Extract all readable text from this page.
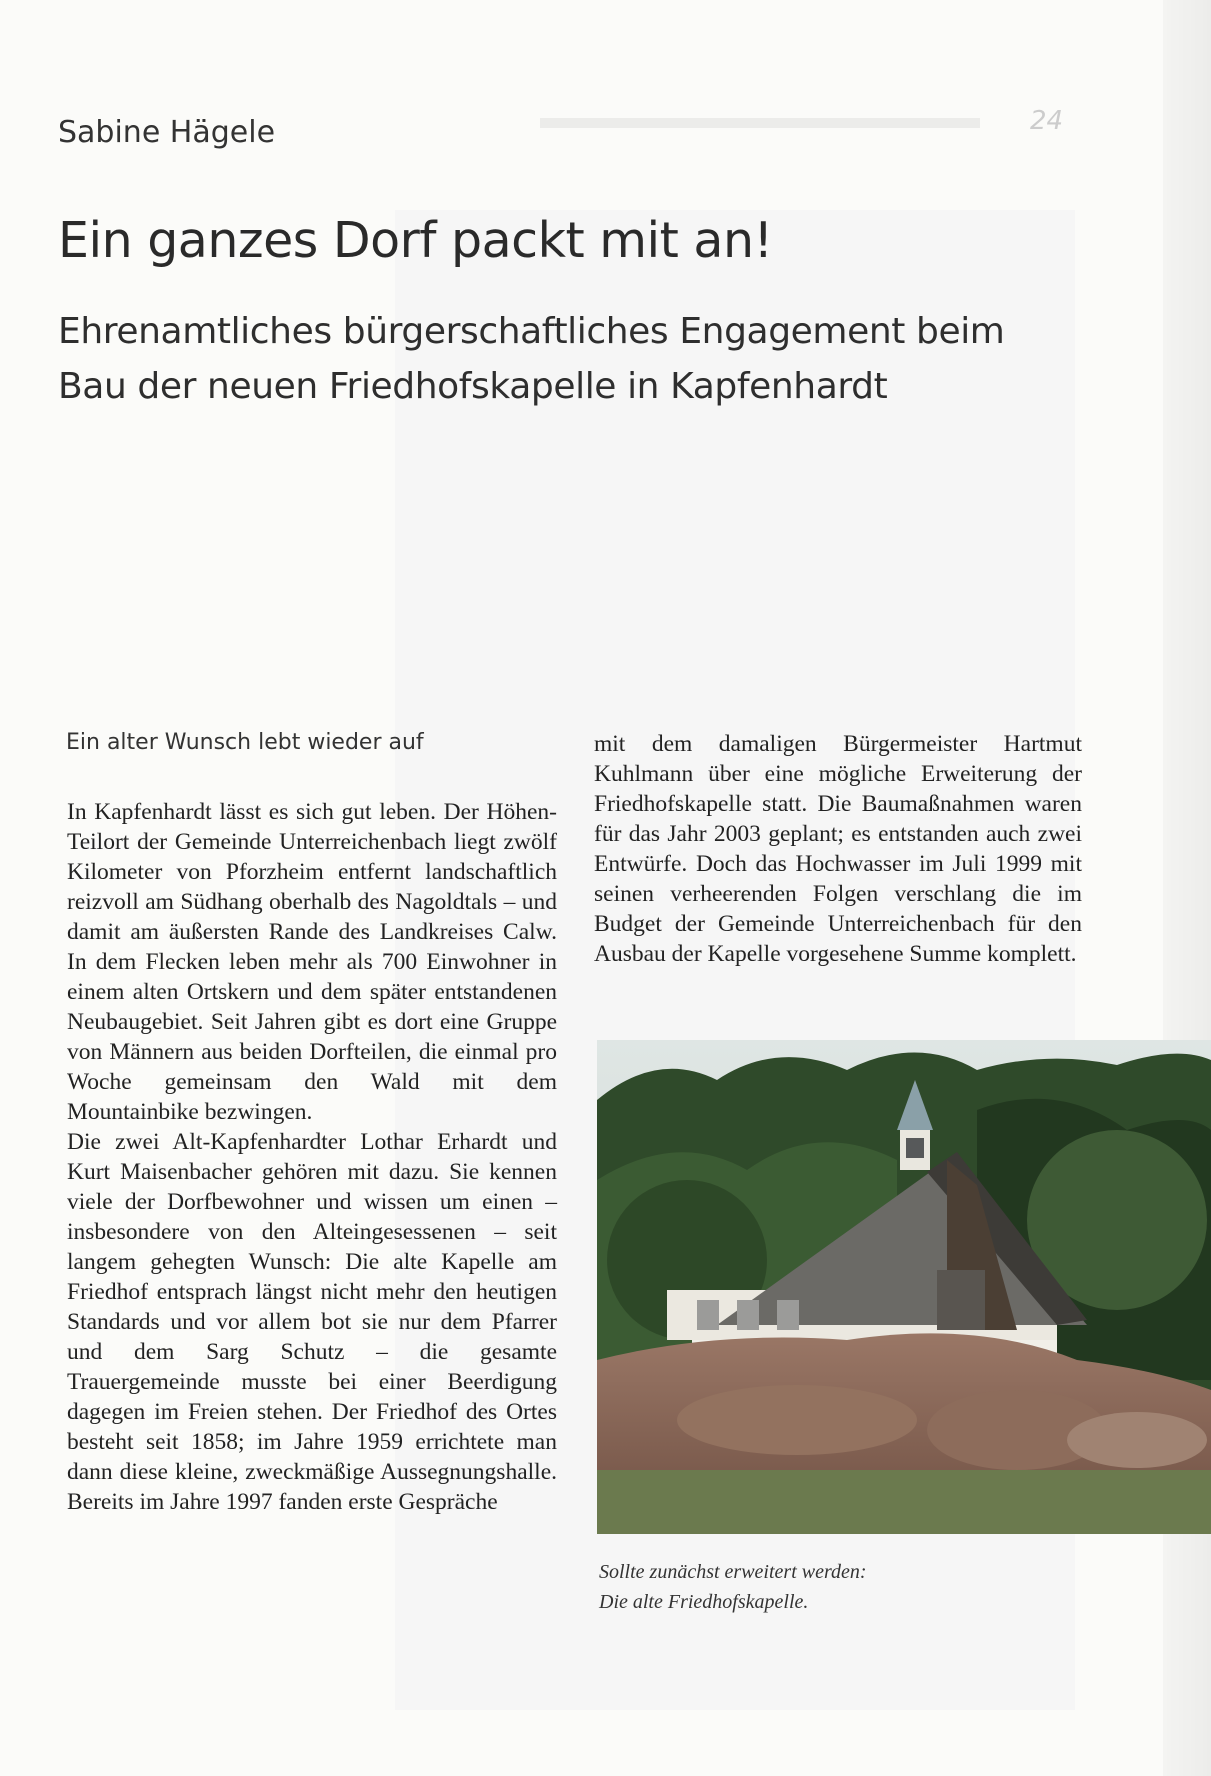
24
Sabine Hägele
Ein ganzes Dorf packt mit an!
Ehrenamtliches bürgerschaftliches Engagement beim Bau der neuen Friedhofskapelle in Kapfenhardt
Ein alter Wunsch lebt wieder auf

In Kapfenhardt lässt es sich gut leben. Der Höhen-Teilort der Gemeinde Unterreichenbach liegt zwölf Kilometer von Pforzheim entfernt landschaftlich reizvoll am Südhang oberhalb des Nagoldtals – und damit am äußersten Rande des Landkreises Calw. In dem Flecken leben mehr als 700 Einwohner in einem alten Ortskern und dem später entstandenen Neubaugebiet. Seit Jahren gibt es dort eine Gruppe von Männern aus beiden Dorfteilen, die einmal pro Woche gemeinsam den Wald mit dem Mountainbike bezwingen.

Die zwei Alt-Kapfenhardter Lothar Erhardt und Kurt Maisenbacher gehören mit dazu. Sie kennen viele der Dorfbewohner und wissen um einen – insbesondere von den Alteingesessenen – seit langem gehegten Wunsch: Die alte Kapelle am Friedhof entsprach längst nicht mehr den heutigen Standards und vor allem bot sie nur dem Pfarrer und dem Sarg Schutz – die gesamte Trauergemeinde musste bei einer Beerdigung dagegen im Freien stehen. Der Friedhof des Ortes besteht seit 1858; im Jahre 1959 errichtete man dann diese kleine, zweckmäßige Aussegnungshalle. Bereits im Jahre 1997 fanden erste Gespräche

mit dem damaligen Bürgermeister Hartmut Kuhlmann über eine mögliche Erweiterung der Friedhofskapelle statt. Die Baumaßnahmen waren für das Jahr 2003 geplant; es entstanden auch zwei Entwürfe. Doch das Hochwasser im Juli 1999 mit seinen verheerenden Folgen verschlang die im Budget der Gemeinde Unterreichenbach für den Ausbau der Kapelle vorgesehene Summe komplett.

Sollte zunächst erweitert werden:
Die alte Friedhofskapelle.
